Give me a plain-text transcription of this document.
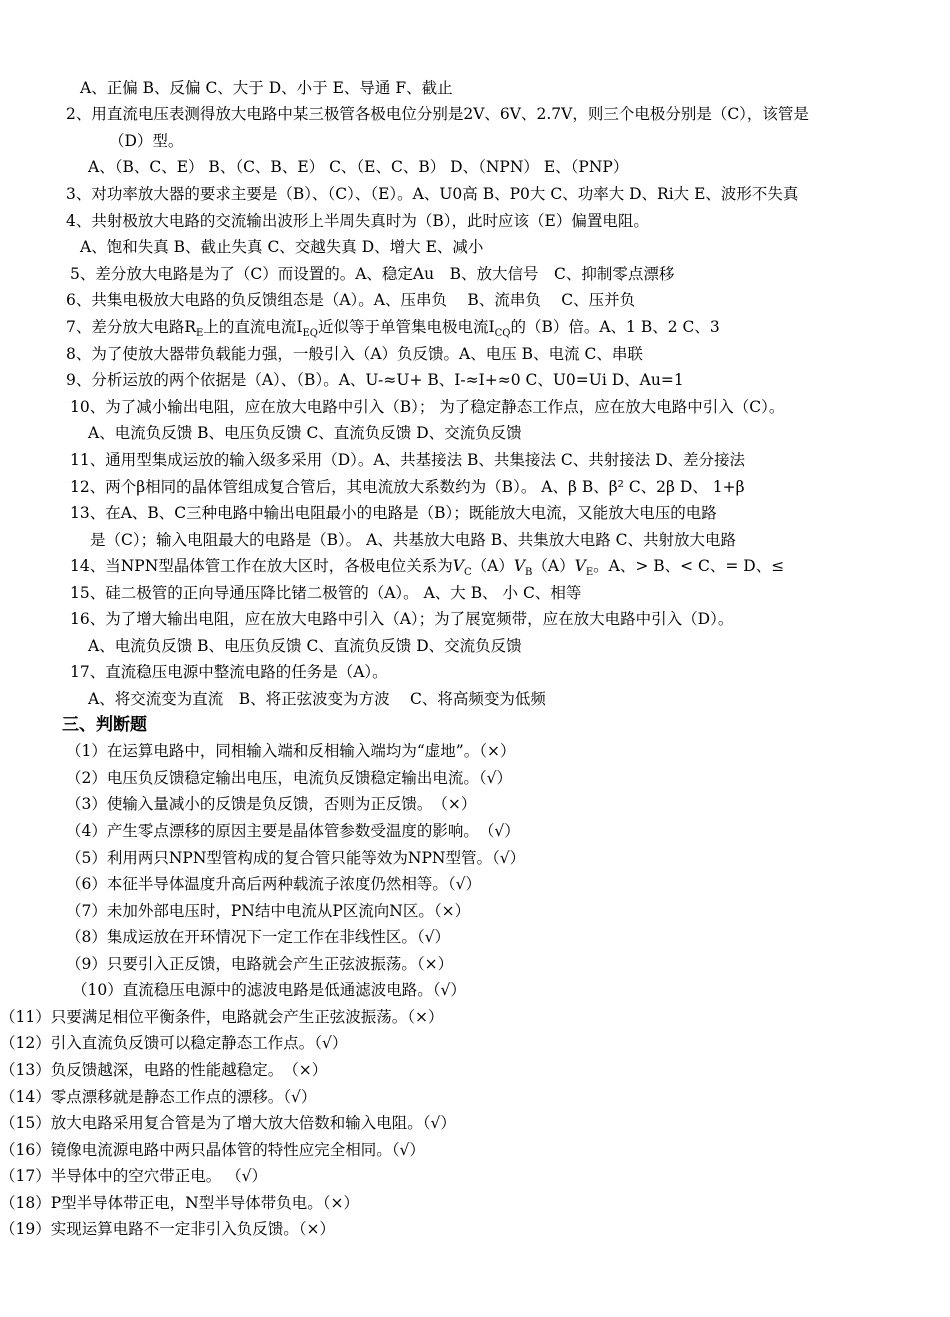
A、正偏 B、反偏 C、大于 D、小于 E、导通 F、截止
2、用直流电压表测得放大电路中某三极管各极电位分别是2V、6V、2.7V，则三个电极分别是（C），该管是
（D）型。
A、（B、C、E） B、（C、B、E） C、（E、C、B） D、（NPN） E、（PNP）
3、对功率放大器的要求主要是（B）、（C）、（E）。A、U0高 B、P0大 C、功率大 D、Ri大 E、波形不失真
4、共射极放大电路的交流输出波形上半周失真时为（B），此时应该（E）偏置电阻。
A、饱和失真 B、截止失真 C、交越失真 D、增大 E、减小
5、差分放大电路是为了（C）而设置的。A、稳定Au　B、放大信号　C、抑制零点漂移
6、共集电极放大电路的负反馈组态是（A）。A、压串负　 B、流串负　 C、压并负
7、差分放大电路$R_E$上的直流电流$I_{EQ}$近似等于单管集电极电流$I_{CQ}$的（B）倍。A、1 B、2 C、3
8、为了使放大器带负载能力强，一般引入（A）负反馈。A、电压 B、电流 C、串联
9、分析运放的两个依据是（A）、（B）。A、U-≈U+ B、I-≈I+≈0 C、U0=Ui D、Au=1
10、为了减小输出电阻，应在放大电路中引入（B）； 为了稳定静态工作点，应在放大电路中引入（C）。
A、电流负反馈 B、电压负反馈 C、直流负反馈 D、交流负反馈
11、通用型集成运放的输入级多采用（D）。A、共基接法 B、共集接法 C、共射接法 D、差分接法
12、两个β相同的晶体管组成复合管后，其电流放大系数约为（B）。 A、β B、β² C、2β D、 1+β
13、在A、B、C三种电路中输出电阻最小的电路是（B）；既能放大电流，又能放大电压的电路
是（C）；输入电阻最大的电路是（B）。 A、共基放大电路 B、共集放大电路 C、共射放大电路
14、当NPN型晶体管工作在放大区时，各极电位关系为$V_C(A)V_B(A)V_E$。A、> B、< C、= D、≤
15、硅二极管的正向导通压降比锗二极管的（A）。 A、大 B、 小 C、相等
16、为了增大输出电阻，应在放大电路中引入（A）；为了展宽频带，应在放大电路中引入（D）。
A、电流负反馈 B、电压负反馈 C、直流负反馈 D、交流负反馈
17、直流稳压电源中整流电路的任务是（A）。
A、将交流变为直流　B、将正弦波变为方波　 C、将高频变为低频
三、判断题
（1）在运算电路中，同相输入端和反相输入端均为“虚地”。（×）
（2）电压负反馈稳定输出电压，电流负反馈稳定输出电流。（√）
（3）使输入量减小的反馈是负反馈，否则为正反馈。　（×）
（4）产生零点漂移的原因主要是晶体管参数受温度的影响。　（√）
（5）利用两只NPN型管构成的复合管只能等效为NPN型管。（√）
（6）本征半导体温度升高后两种载流子浓度仍然相等。（√）
（7）未加外部电压时，PN结中电流从P区流向N区。（×）
（8）集成运放在开环情况下一定工作在非线性区。（√）
（9）只要引入正反馈，电路就会产生正弦波振荡。（×）
（10）直流稳压电源中的滤波电路是低通滤波电路。（√）
（11）只要满足相位平衡条件，电路就会产生正弦波振荡。（×）
（12）引入直流负反馈可以稳定静态工作点。（√）
（13）负反馈越深，电路的性能越稳定。　（×）
（14）零点漂移就是静态工作点的漂移。（√）
（15）放大电路采用复合管是为了增大放大倍数和输入电阻。（√）
（16）镜像电流源电路中两只晶体管的特性应完全相同。（√）
（17）半导体中的空穴带正电。 （√）
（18）P型半导体带正电，N型半导体带负电。（×）
（19）实现运算电路不一定非引入负反馈。（×）
